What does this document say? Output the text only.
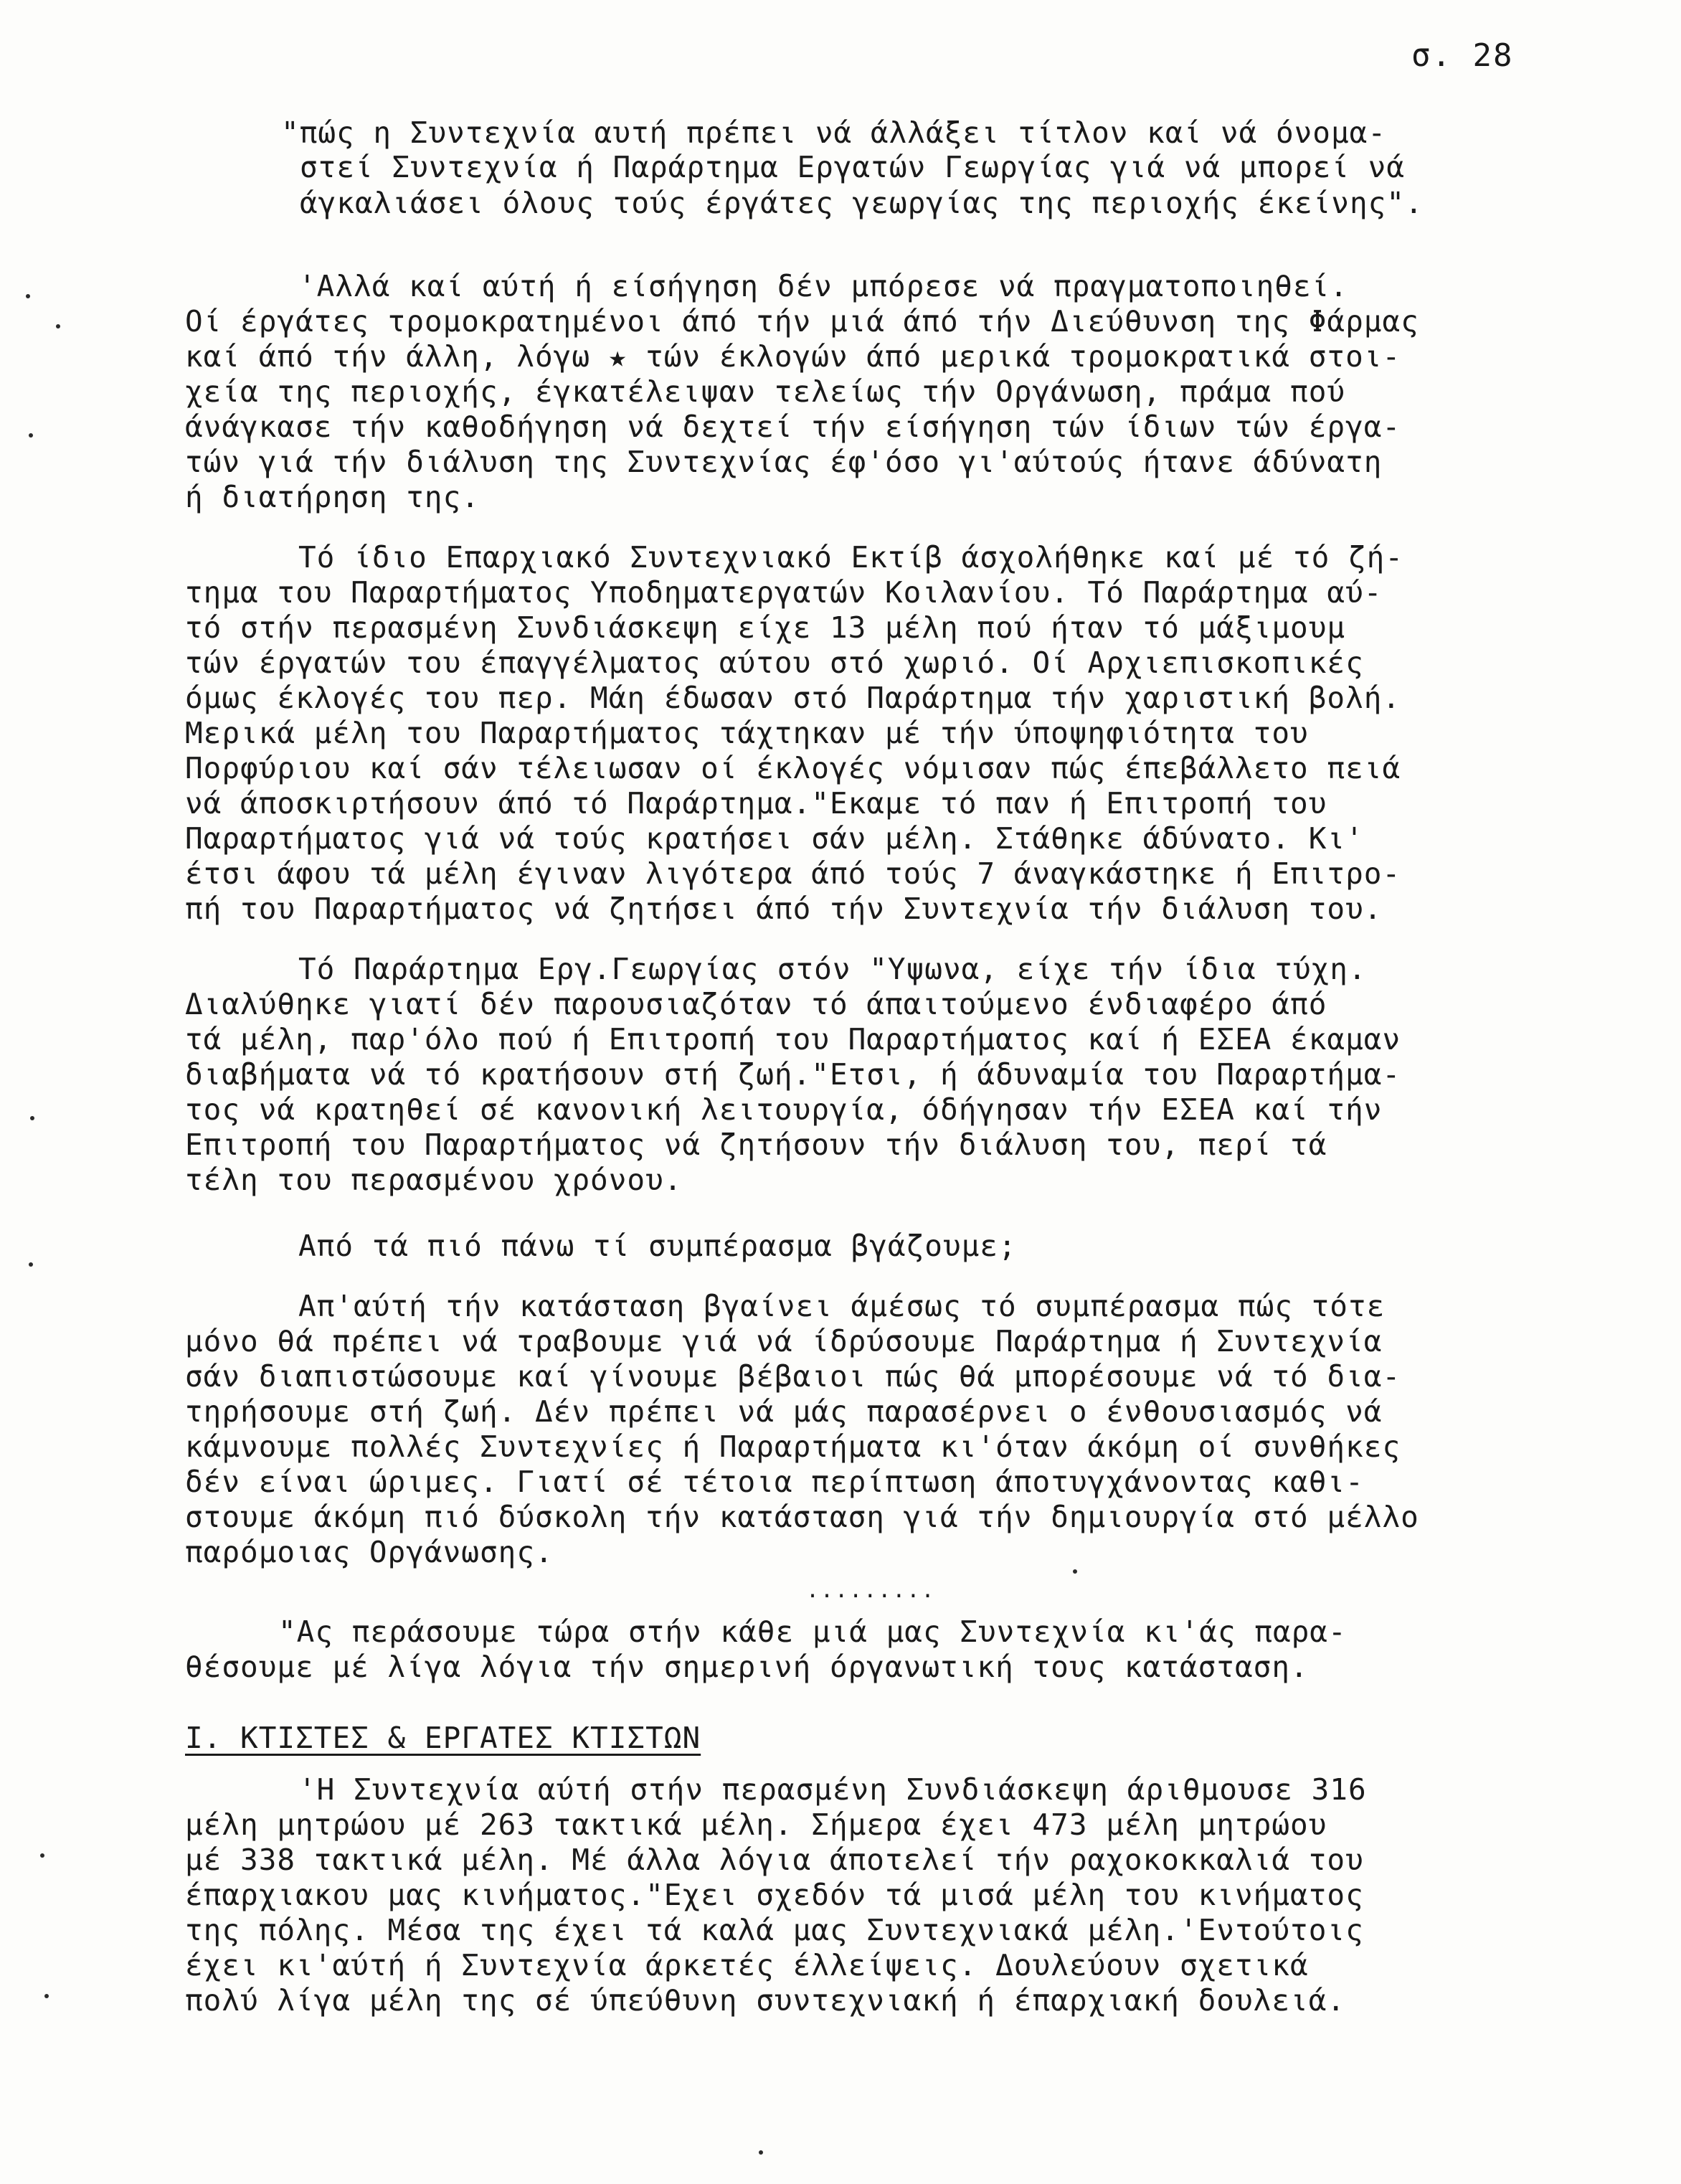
σ. 28
"πώς η Συντεχνία αυτή πρέπει νά άλλάξει τίτλον καί νά όνομα-
στεί Συντεχνία ή Παράρτημα Εργατών Γεωργίας γιά νά μπορεί νά
άγκαλιάσει όλους τούς έργάτες γεωργίας της περιοχής έκείνης".
'Αλλά καί αύτή ή είσήγηση δέν μπόρεσε νά πραγματοποιηθεί.
Οί έργάτες τρομοκρατημένοι άπό τήν μιά άπό τήν Διεύθυνση της Φάρμας
καί άπό τήν άλλη, λόγω ★ τών έκλογών άπό μερικά τρομοκρατικά στοι-
χεία της περιοχής, έγκατέλειψαν τελείως τήν Οργάνωση, πράμα πού
άνάγκασε τήν καθοδήγηση νά δεχτεί τήν είσήγηση τών ίδιων τών έργα-
τών γιά τήν διάλυση της Συντεχνίας έφ'όσο γι'αύτούς ήτανε άδύνατη
ή διατήρηση της.
Τό ίδιο Επαρχιακό Συντεχνιακό Εκτίβ άσχολήθηκε καί μέ τό ζή-
τημα του Παραρτήματος Υποδηματεργατών Κοιλανίου. Τό Παράρτημα αύ-
τό στήν περασμένη Συνδιάσκεψη είχε 13 μέλη πού ήταν τό μάξιμουμ
τών έργατών του έπαγγέλματος αύτου στό χωριό. Οί Αρχιεπισκοπικές
όμως έκλογές του περ. Μάη έδωσαν στό Παράρτημα τήν χαριστική βολή.
Μερικά μέλη του Παραρτήματος τάχτηκαν μέ τήν ύποψηφιότητα του
Πορφύριου καί σάν τέλειωσαν οί έκλογές νόμισαν πώς έπεβάλλετο πειά
νά άποσκιρτήσουν άπό τό Παράρτημα."Εκαμε τό παν ή Επιτροπή του
Παραρτήματος γιά νά τούς κρατήσει σάν μέλη. Στάθηκε άδύνατο. Κι'
έτσι άφου τά μέλη έγιναν λιγότερα άπό τούς 7 άναγκάστηκε ή Επιτρο-
πή του Παραρτήματος νά ζητήσει άπό τήν Συντεχνία τήν διάλυση του.
Τό Παράρτημα Εργ.Γεωργίας στόν "Υψωνα, είχε τήν ίδια τύχη.
Διαλύθηκε γιατί δέν παρουσιαζόταν τό άπαιτούμενο ένδιαφέρο άπό
τά μέλη, παρ'όλο πού ή Επιτροπή του Παραρτήματος καί ή ΕΣΕΑ έκαμαν
διαβήματα νά τό κρατήσουν στή ζωή."Ετσι, ή άδυναμία του Παραρτήμα-
τος νά κρατηθεί σέ κανονική λειτουργία, όδήγησαν τήν ΕΣΕΑ καί τήν
Επιτροπή του Παραρτήματος νά ζητήσουν τήν διάλυση του, περί τά
τέλη του περασμένου χρόνου.
Από τά πιό πάνω τί συμπέρασμα βγάζουμε;
Απ'αύτή τήν κατάσταση βγαίνει άμέσως τό συμπέρασμα πώς τότε
μόνο θά πρέπει νά τραβουμε γιά νά ίδρύσουμε Παράρτημα ή Συντεχνία
σάν διαπιστώσουμε καί γίνουμε βέβαιοι πώς θά μπορέσουμε νά τό δια-
τηρήσουμε στή ζωή. Δέν πρέπει νά μάς παρασέρνει ο ένθουσιασμός νά
κάμνουμε πολλές Συντεχνίες ή Παραρτήματα κι'όταν άκόμη οί συνθήκες
δέν είναι ώριμες. Γιατί σέ τέτοια περίπτωση άποτυγχάνοντας καθι-
στουμε άκόμη πιό δύσκολη τήν κατάσταση γιά τήν δημιουργία στό μέλλο
παρόμοιας Οργάνωσης.
.........
"Ας περάσουμε τώρα στήν κάθε μιά μας Συντεχνία κι'άς παρα-
θέσουμε μέ λίγα λόγια τήν σημερινή όργανωτική τους κατάσταση.
I. ΚΤΙΣΤΕΣ & ΕΡΓΑΤΕΣ ΚΤΙΣΤΩΝ
'Η Συντεχνία αύτή στήν περασμένη Συνδιάσκεψη άριθμουσε 316
μέλη μητρώου μέ 263 τακτικά μέλη. Σήμερα έχει 473 μέλη μητρώου
μέ 338 τακτικά μέλη. Μέ άλλα λόγια άποτελεί τήν ραχοκοκκαλιά του
έπαρχιακου μας κινήματος."Εχει σχεδόν τά μισά μέλη του κινήματος
της πόλης. Μέσα της έχει τά καλά μας Συντεχνιακά μέλη.'Εντούτοις
έχει κι'αύτή ή Συντεχνία άρκετές έλλείψεις. Δουλεύουν σχετικά
πολύ λίγα μέλη της σέ ύπεύθυνη συντεχνιακή ή έπαρχιακή δουλειά.
